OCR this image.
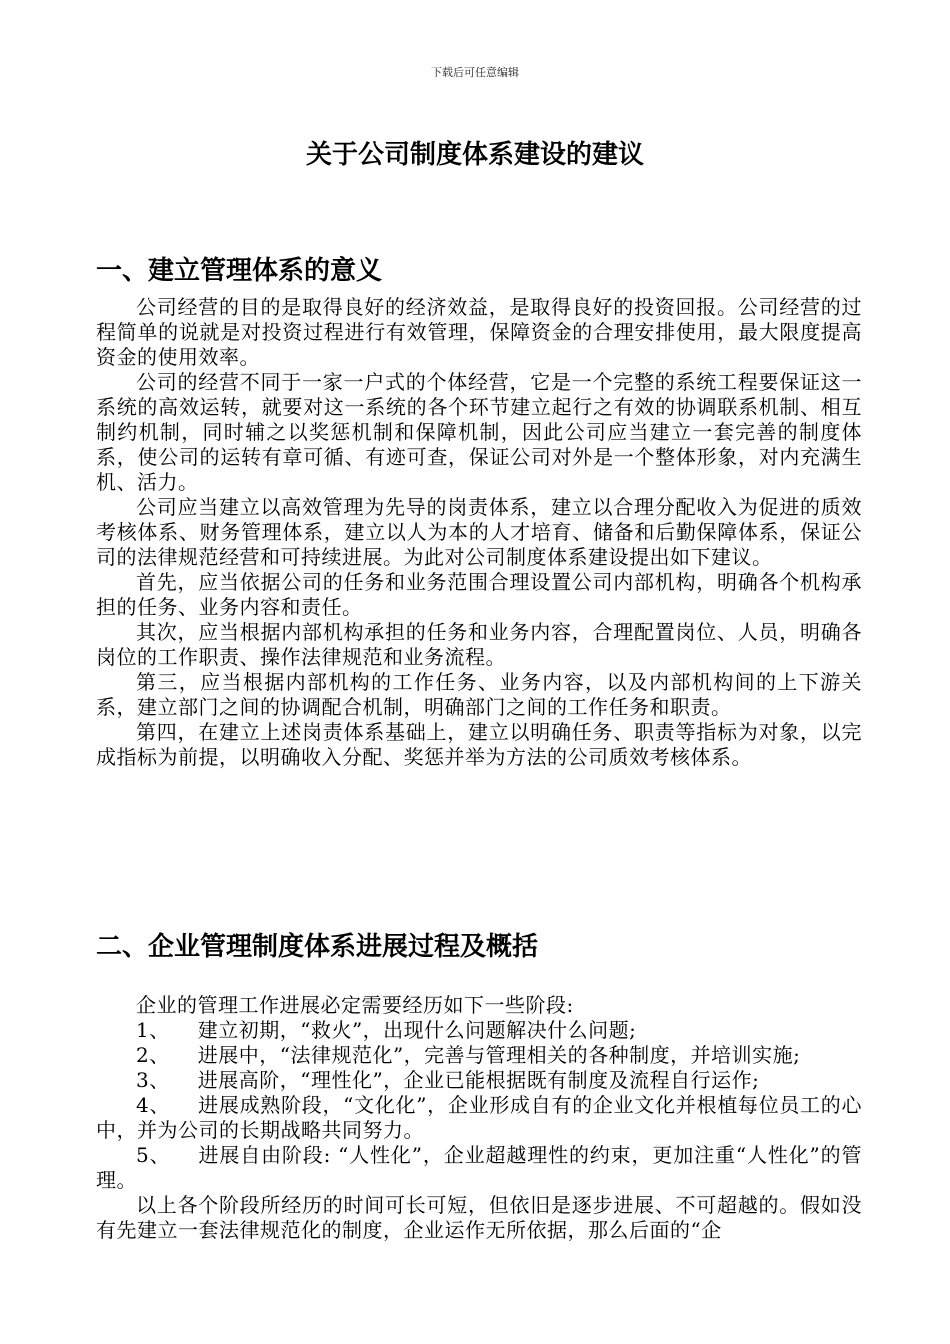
下载后可任意编辑
关于公司制度体系建设的建议
一、建立管理体系的意义

公司经营的目的是取得良好的经济效益，是取得良好的投资回报。公司经营的过程简单的说就是对投资过程进行有效管理，保障资金的合理安排使用，最大限度提高资金的使用效率。

公司的经营不同于一家一户式的个体经营，它是一个完整的系统工程要保证这一系统的高效运转，就要对这一系统的各个环节建立起行之有效的协调联系机制、相互制约机制，同时辅之以奖惩机制和保障机制，因此公司应当建立一套完善的制度体系，使公司的运转有章可循、有迹可查，保证公司对外是一个整体形象，对内充满生机、活力。

公司应当建立以高效管理为先导的岗责体系，建立以合理分配收入为促进的质效考核体系、财务管理体系，建立以人为本的人才培育、储备和后勤保障体系，保证公司的法律规范经营和可持续进展。为此对公司制度体系建设提出如下建议。

首先，应当依据公司的任务和业务范围合理设置公司内部机构，明确各个机构承担的任务、业务内容和责任。

其次，应当根据内部机构承担的任务和业务内容，合理配置岗位、人员，明确各岗位的工作职责、操作法律规范和业务流程。

第三，应当根据内部机构的工作任务、业务内容，以及内部机构间的上下游关系，建立部门之间的协调配合机制，明确部门之间的工作任务和职责。

第四，在建立上述岗责体系基础上，建立以明确任务、职责等指标为对象，以完成指标为前提，以明确收入分配、奖惩并举为方法的公司质效考核体系。

二、企业管理制度体系进展过程及概括

企业的管理工作进展必定需要经历如下一些阶段:

1、 建立初期，“救火”，出现什么问题解决什么问题;

2、 进展中，“法律规范化”，完善与管理相关的各种制度，并培训实施;

3、 进展高阶，“理性化”，企业已能根据既有制度及流程自行运作;

4、 进展成熟阶段，“文化化”，企业形成自有的企业文化并根植每位员工的心中，并为公司的长期战略共同努力。

5、 进展自由阶段: “人性化”，企业超越理性的约束，更加注重“人性化”的管理。

以上各个阶段所经历的时间可长可短，但依旧是逐步进展、不可超越的。假如没有先建立一套法律规范化的制度，企业运作无所依据，那么后面的“企
